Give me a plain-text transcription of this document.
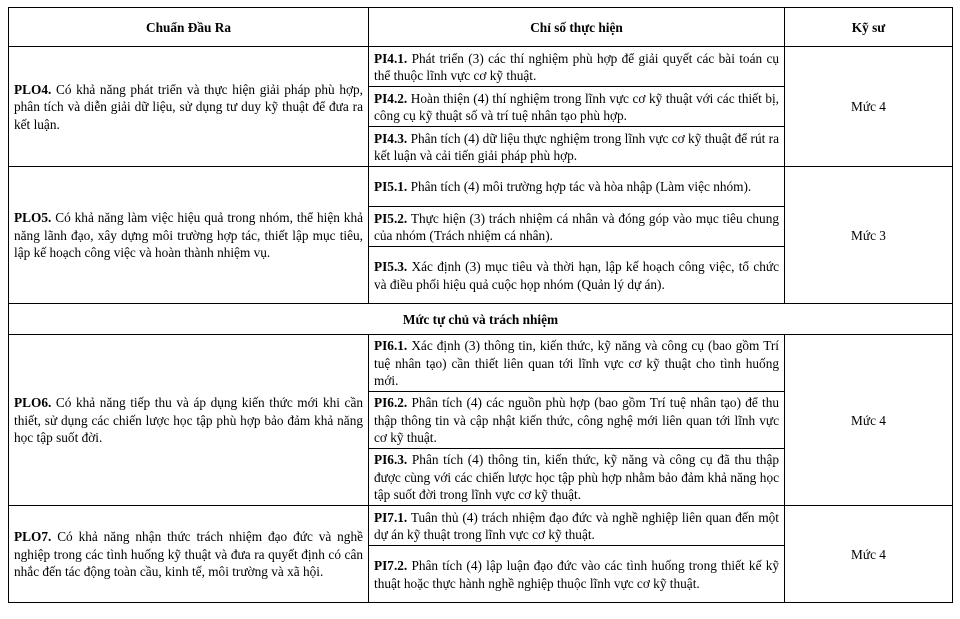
Chuẩn Đầu Ra	Chỉ số thực hiện	Kỹ sư
PLO4. Có khả năng phát triển và thực hiện giải pháp phù hợp, phân tích và diễn giải dữ liệu, sử dụng tư duy kỹ thuật để đưa ra kết luận.	PI4.1. Phát triển (3) các thí nghiệm phù hợp để giải quyết các bài toán cụ thể thuộc lĩnh vực cơ kỹ thuật.	Mức 4
	PI4.2. Hoàn thiện (4) thí nghiệm trong lĩnh vực cơ kỹ thuật với các thiết bị, công cụ kỹ thuật số và trí tuệ nhân tạo phù hợp.	
	PI4.3. Phân tích (4) dữ liệu thực nghiệm trong lĩnh vực cơ kỹ thuật để rút ra kết luận và cải tiến giải pháp phù hợp.	
PLO5. Có khả năng làm việc hiệu quả trong nhóm, thể hiện khả năng lãnh đạo, xây dựng môi trường hợp tác, thiết lập mục tiêu, lập kế hoạch công việc và hoàn thành nhiệm vụ.	PI5.1. Phân tích (4) môi trường hợp tác và hòa nhập (Làm việc nhóm).	Mức 3
	PI5.2. Thực hiện (3) trách nhiệm cá nhân và đóng góp vào mục tiêu chung của nhóm (Trách nhiệm cá nhân).	
	PI5.3. Xác định (3) mục tiêu và thời hạn, lập kế hoạch công việc, tổ chức và điều phối hiệu quả cuộc họp nhóm (Quản lý dự án).	
Mức tự chủ và trách nhiệm		
PLO6. Có khả năng tiếp thu và áp dụng kiến thức mới khi cần thiết, sử dụng các chiến lược học tập phù hợp bảo đảm khả năng học tập suốt đời.	PI6.1. Xác định (3) thông tin, kiến thức, kỹ năng và công cụ (bao gồm Trí tuệ nhân tạo) cần thiết liên quan tới lĩnh vực cơ kỹ thuật cho tình huống mới.	Mức 4
	PI6.2. Phân tích (4) các nguồn phù hợp (bao gồm Trí tuệ nhân tạo) để thu thập thông tin và cập nhật kiến thức, công nghệ mới liên quan tới lĩnh vực cơ kỹ thuật.	
	PI6.3. Phân tích (4) thông tin, kiến thức, kỹ năng và công cụ đã thu thập được cùng với các chiến lược học tập phù hợp nhằm bảo đảm khả năng học tập suốt đời trong lĩnh vực cơ kỹ thuật.	
PLO7. Có khả năng nhận thức trách nhiệm đạo đức và nghề nghiệp trong các tình huống kỹ thuật và đưa ra quyết định có cân nhắc đến tác động toàn cầu, kinh tế, môi trường và xã hội.	PI7.1. Tuân thủ (4) trách nhiệm đạo đức và nghề nghiệp liên quan đến một dự án kỹ thuật trong lĩnh vực cơ kỹ thuật.	Mức 4
	PI7.2. Phân tích (4) lập luận đạo đức vào các tình huống trong thiết kế kỹ thuật hoặc thực hành nghề nghiệp thuộc lĩnh vực cơ kỹ thuật.	
